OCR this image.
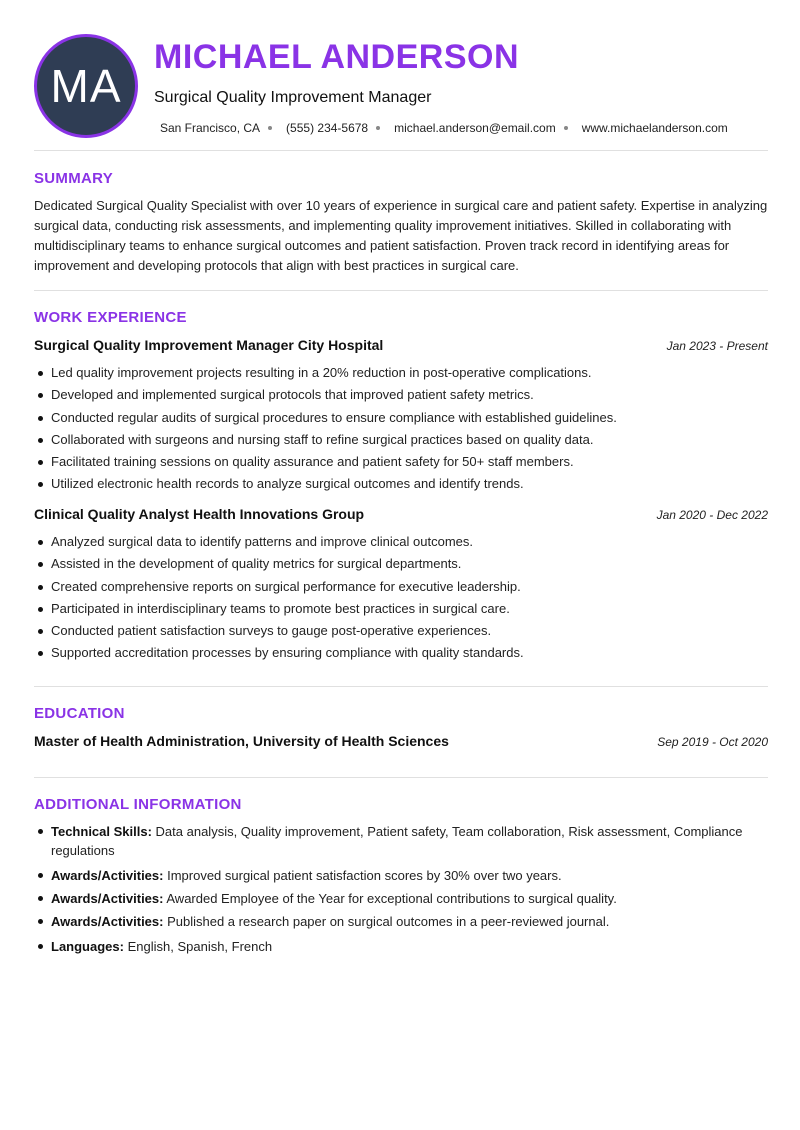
MA
MICHAEL ANDERSON
Surgical Quality Improvement Manager
San Francisco, CA (555) 234-5678 michael.anderson@email.com www.michaelanderson.com
SUMMARY
Dedicated Surgical Quality Specialist with over 10 years of experience in surgical care and patient safety. Expertise in analyzing surgical data, conducting risk assessments, and implementing quality improvement initiatives. Skilled in collaborating with multidisciplinary teams to enhance surgical outcomes and patient satisfaction. Proven track record in identifying areas for improvement and developing protocols that align with best practices in surgical care.
WORK EXPERIENCE
Surgical Quality Improvement Manager City Hospital	Jan 2023 - Present
Led quality improvement projects resulting in a 20% reduction in post-operative complications.
Developed and implemented surgical protocols that improved patient safety metrics.
Conducted regular audits of surgical procedures to ensure compliance with established guidelines.
Collaborated with surgeons and nursing staff to refine surgical practices based on quality data.
Facilitated training sessions on quality assurance and patient safety for 50+ staff members.
Utilized electronic health records to analyze surgical outcomes and identify trends.
Clinical Quality Analyst Health Innovations Group	Jan 2020 - Dec 2022
Analyzed surgical data to identify patterns and improve clinical outcomes.
Assisted in the development of quality metrics for surgical departments.
Created comprehensive reports on surgical performance for executive leadership.
Participated in interdisciplinary teams to promote best practices in surgical care.
Conducted patient satisfaction surveys to gauge post-operative experiences.
Supported accreditation processes by ensuring compliance with quality standards.
EDUCATION
Master of Health Administration, University of Health Sciences	Sep 2019 - Oct 2020
ADDITIONAL INFORMATION
Technical Skills: Data analysis, Quality improvement, Patient safety, Team collaboration, Risk assessment, Compliance regulations
Awards/Activities: Improved surgical patient satisfaction scores by 30% over two years.
Awards/Activities: Awarded Employee of the Year for exceptional contributions to surgical quality.
Awards/Activities: Published a research paper on surgical outcomes in a peer-reviewed journal.
Languages: English, Spanish, French
